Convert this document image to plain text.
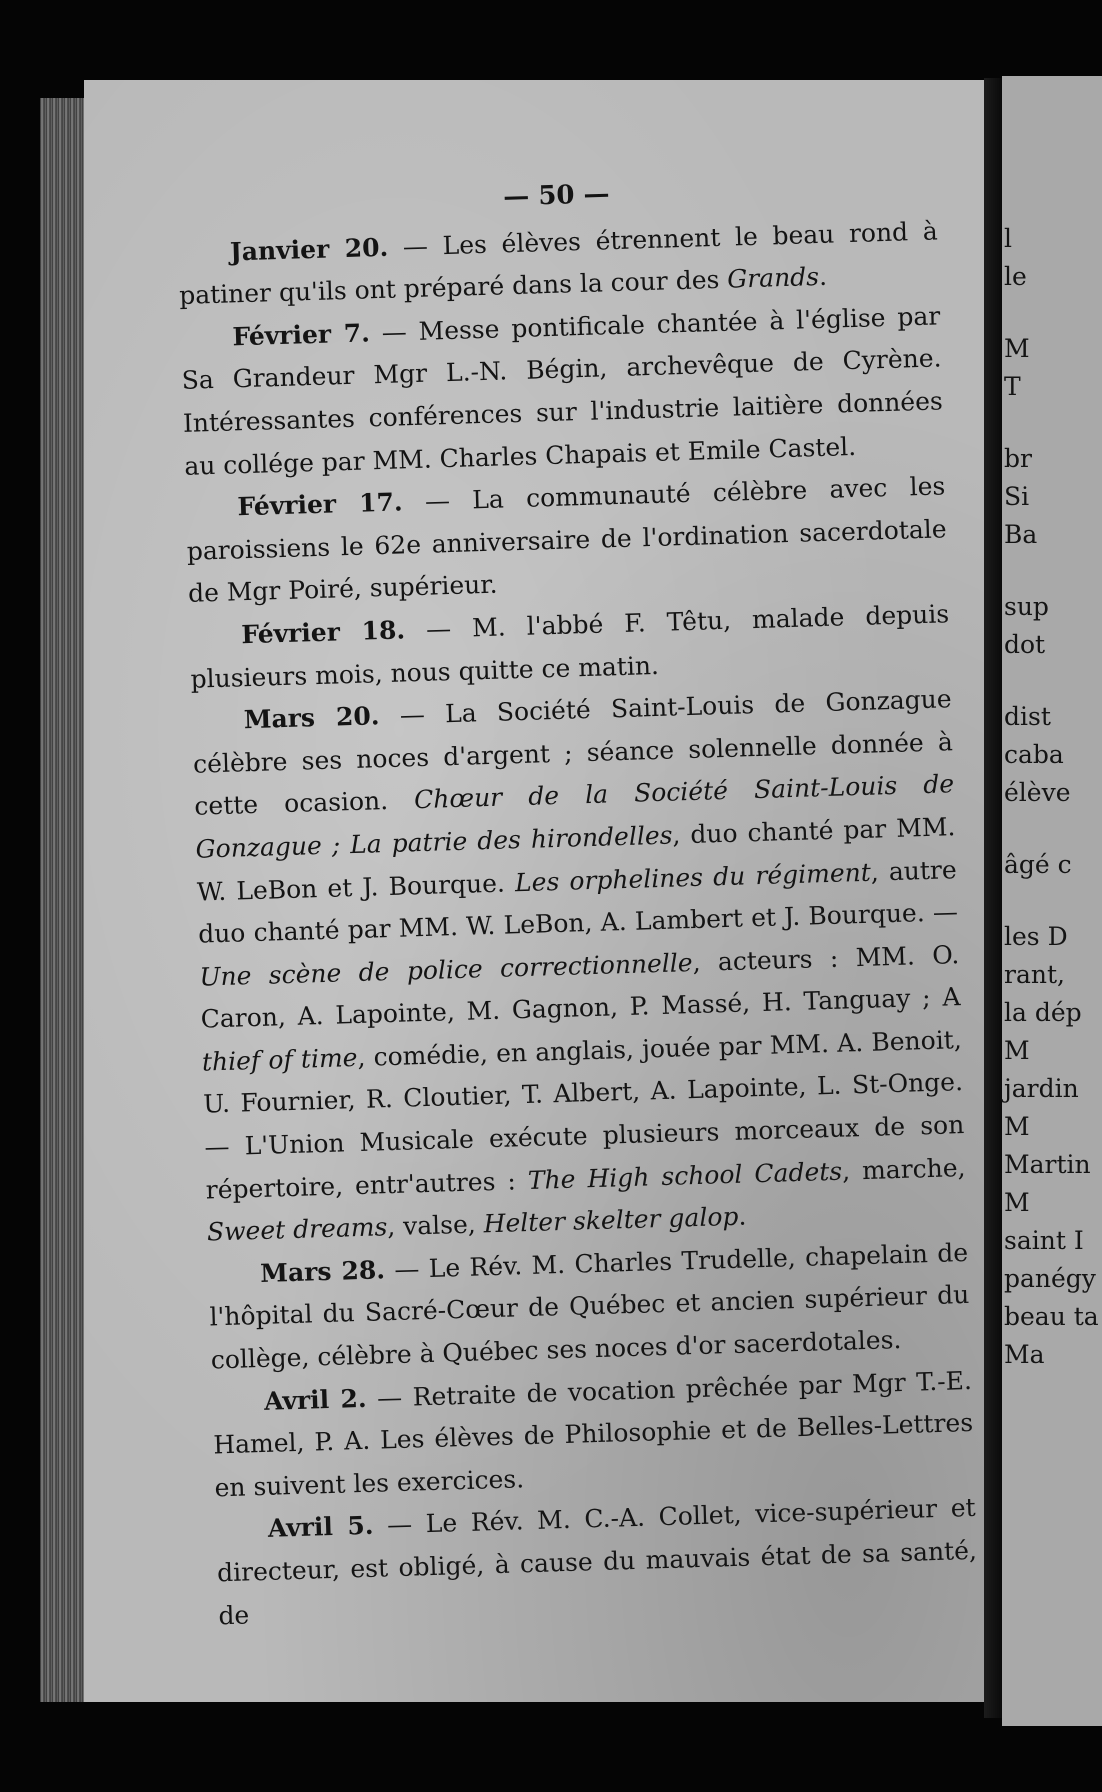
— 50 —

Janvier 20. — Les élèves étrennent le beau rond à patiner qu'ils ont préparé dans la cour des Grands.

Février 7. — Messe pontificale chantée à l'église par Sa Grandeur Mgr L.-N. Bégin, archevêque de Cyrène. Intéressantes conférences sur l'industrie laitière données au collége par MM. Charles Chapais et Emile Castel.

Février 17. — La communauté célèbre avec les paroissiens le 62e anniversaire de l'ordination sacerdotale de Mgr Poiré, supérieur.

Février 18. — M. l'abbé F. Têtu, malade depuis plusieurs mois, nous quitte ce matin.

Mars 20. — La Société Saint-Louis de Gonzague célèbre ses noces d'argent ; séance solennelle donnée à cette ocasion. Chœur de la Société Saint-Louis de Gonzague ; La patrie des hirondelles, duo chanté par MM. W. LeBon et J. Bourque. Les orphelines du régiment, autre duo chanté par MM. W. LeBon, A. Lambert et J. Bourque. — Une scène de police correctionnelle, acteurs : MM. O. Caron, A. Lapointe, M. Gagnon, P. Massé, H. Tanguay ; A thief of time, comédie, en anglais, jouée par MM. A. Benoit, U. Fournier, R. Cloutier, T. Albert, A. Lapointe, L. St-Onge. — L'Union Musicale exécute plusieurs morceaux de son répertoire, entr'autres : The High school Cadets, marche, Sweet dreams, valse, Helter skelter galop.

Mars 28. — Le Rév. M. Charles Trudelle, chapelain de l'hôpital du Sacré-Cœur de Québec et ancien supérieur du collège, célèbre à Québec ses noces d'or sacerdotales.

Avril 2. — Retraite de vocation prêchée par Mgr T.-E. Hamel, P. A. Les élèves de Philosophie et de Belles-Lettres en suivent les exercices.

Avril 5. — Le Rév. M. C.-A. Collet, vice-supérieur et directeur, est obligé, à cause du mauvais état de sa santé, de

l
le
M
T
br
Si
Ba
sup
dot
dist
caba
élève
âgé c
les D
rant,
la dép
M
jardin
M
Martin
M
saint I
panégy
beau ta
Ma
